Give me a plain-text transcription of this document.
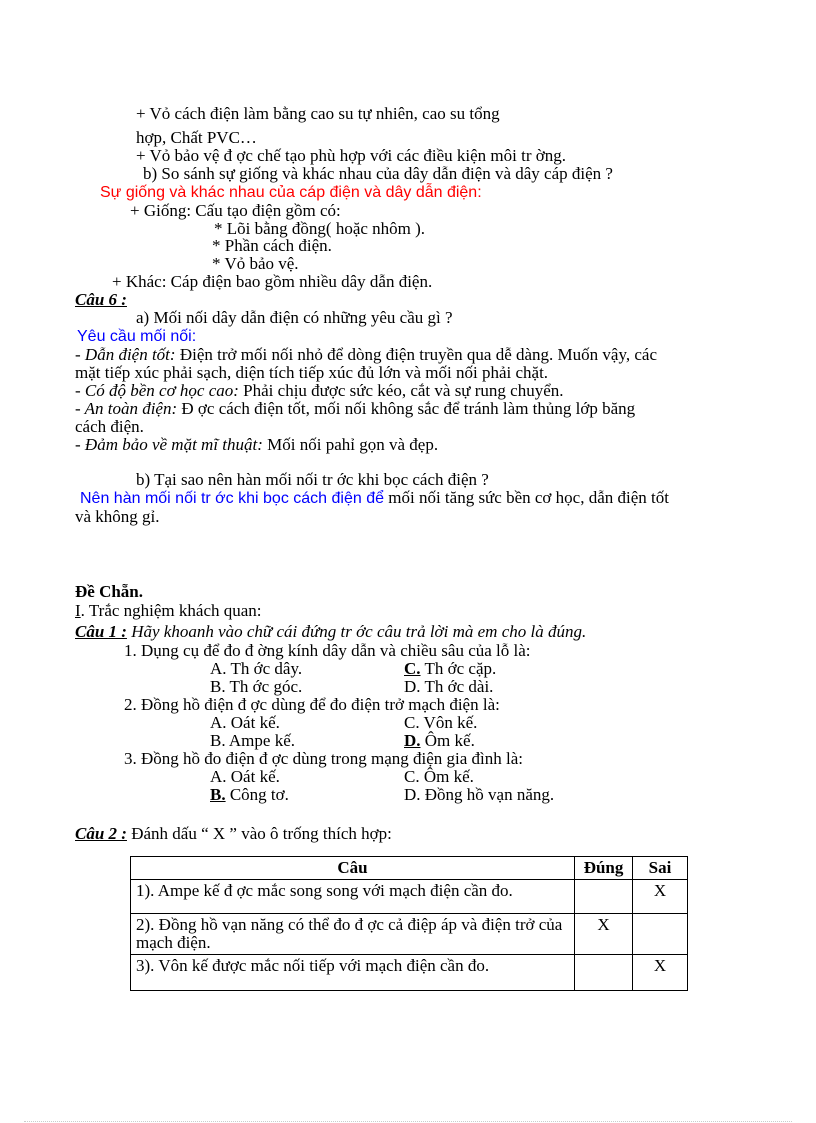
+ Vỏ cách điện làm bằng cao su tự nhiên, cao su tổng
hợp, Chất PVC…
+ Vỏ bảo vệ đ ợc chế tạo phù hợp với các điều kiện môi tr ờng.
b) So sánh sự giống và khác nhau của dây dẫn điện và dây cáp điện ?
Sự giống và khác nhau của cáp điện và dây dẫn điện:
+ Giống: Cấu tạo điện gồm có:
* Lõi bằng đồng( hoặc nhôm ).
* Phần cách điện.
* Vỏ bảo vệ.
+ Khác: Cáp điện bao gồm nhiều dây dẫn điện.
Câu 6 :
a) Mối nối dây dẫn điện có những yêu cầu gì ?
Yêu cầu mối nối:
- Dẫn điện tốt: Điện trở mối nối nhỏ để dòng điện truyền qua dễ dàng. Muốn vậy, các
mặt tiếp xúc phải sạch, diện tích tiếp xúc đủ lớn và mối nối phải chặt.
- Có độ bền cơ học cao: Phải chịu được sức kéo, cắt và sự rung chuyển.
- An toàn điện: Đ ợc cách điện tốt, mối nối không sắc để tránh làm thủng lớp băng
cách điện.
- Đảm bảo về mặt mĩ thuật: Mối nối pahỉ gọn và đẹp.
b) Tại sao nên hàn mối nối tr ớc khi bọc cách điện ?
Nên hàn mối nối tr ớc khi bọc cách điện để mối nối tăng sức bền cơ học, dẫn điện tốt
và không gỉ.
Đề Chẵn.
I. Trắc nghiệm khách quan:
Câu 1 : Hãy khoanh vào chữ cái đứng tr ớc câu trả lời mà em cho là đúng.
1. Dụng cụ để đo đ ờng kính dây dẫn và chiều sâu của lỗ là:
A. Th ớc dây.	C. Th ớc cặp.
B. Th ớc góc.	D. Th ớc dài.
2. Đồng hồ điện đ ợc dùng để đo điện trở mạch điện là:
A. Oát kế.	C. Vôn kế.
B. Ampe kế.	D. Ôm kế.
3. Đồng hồ đo điện đ ợc dùng trong mạng điện gia đình là:
A. Oát kế.	C. Ôm kế.
B. Công tơ.	D. Đồng hồ vạn năng.
Câu 2 : Đánh dấu “ X ” vào ô trống thích hợp:
Câu	Đúng	Sai
1). Ampe kế đ ợc mắc song song với mạch điện cần đo.		X
2). Đồng hồ vạn năng có thể đo đ ợc cả điệp áp và điện trở của mạch điện.	X	
3). Vôn kế được mắc nối tiếp với mạch điện cần đo.		X
